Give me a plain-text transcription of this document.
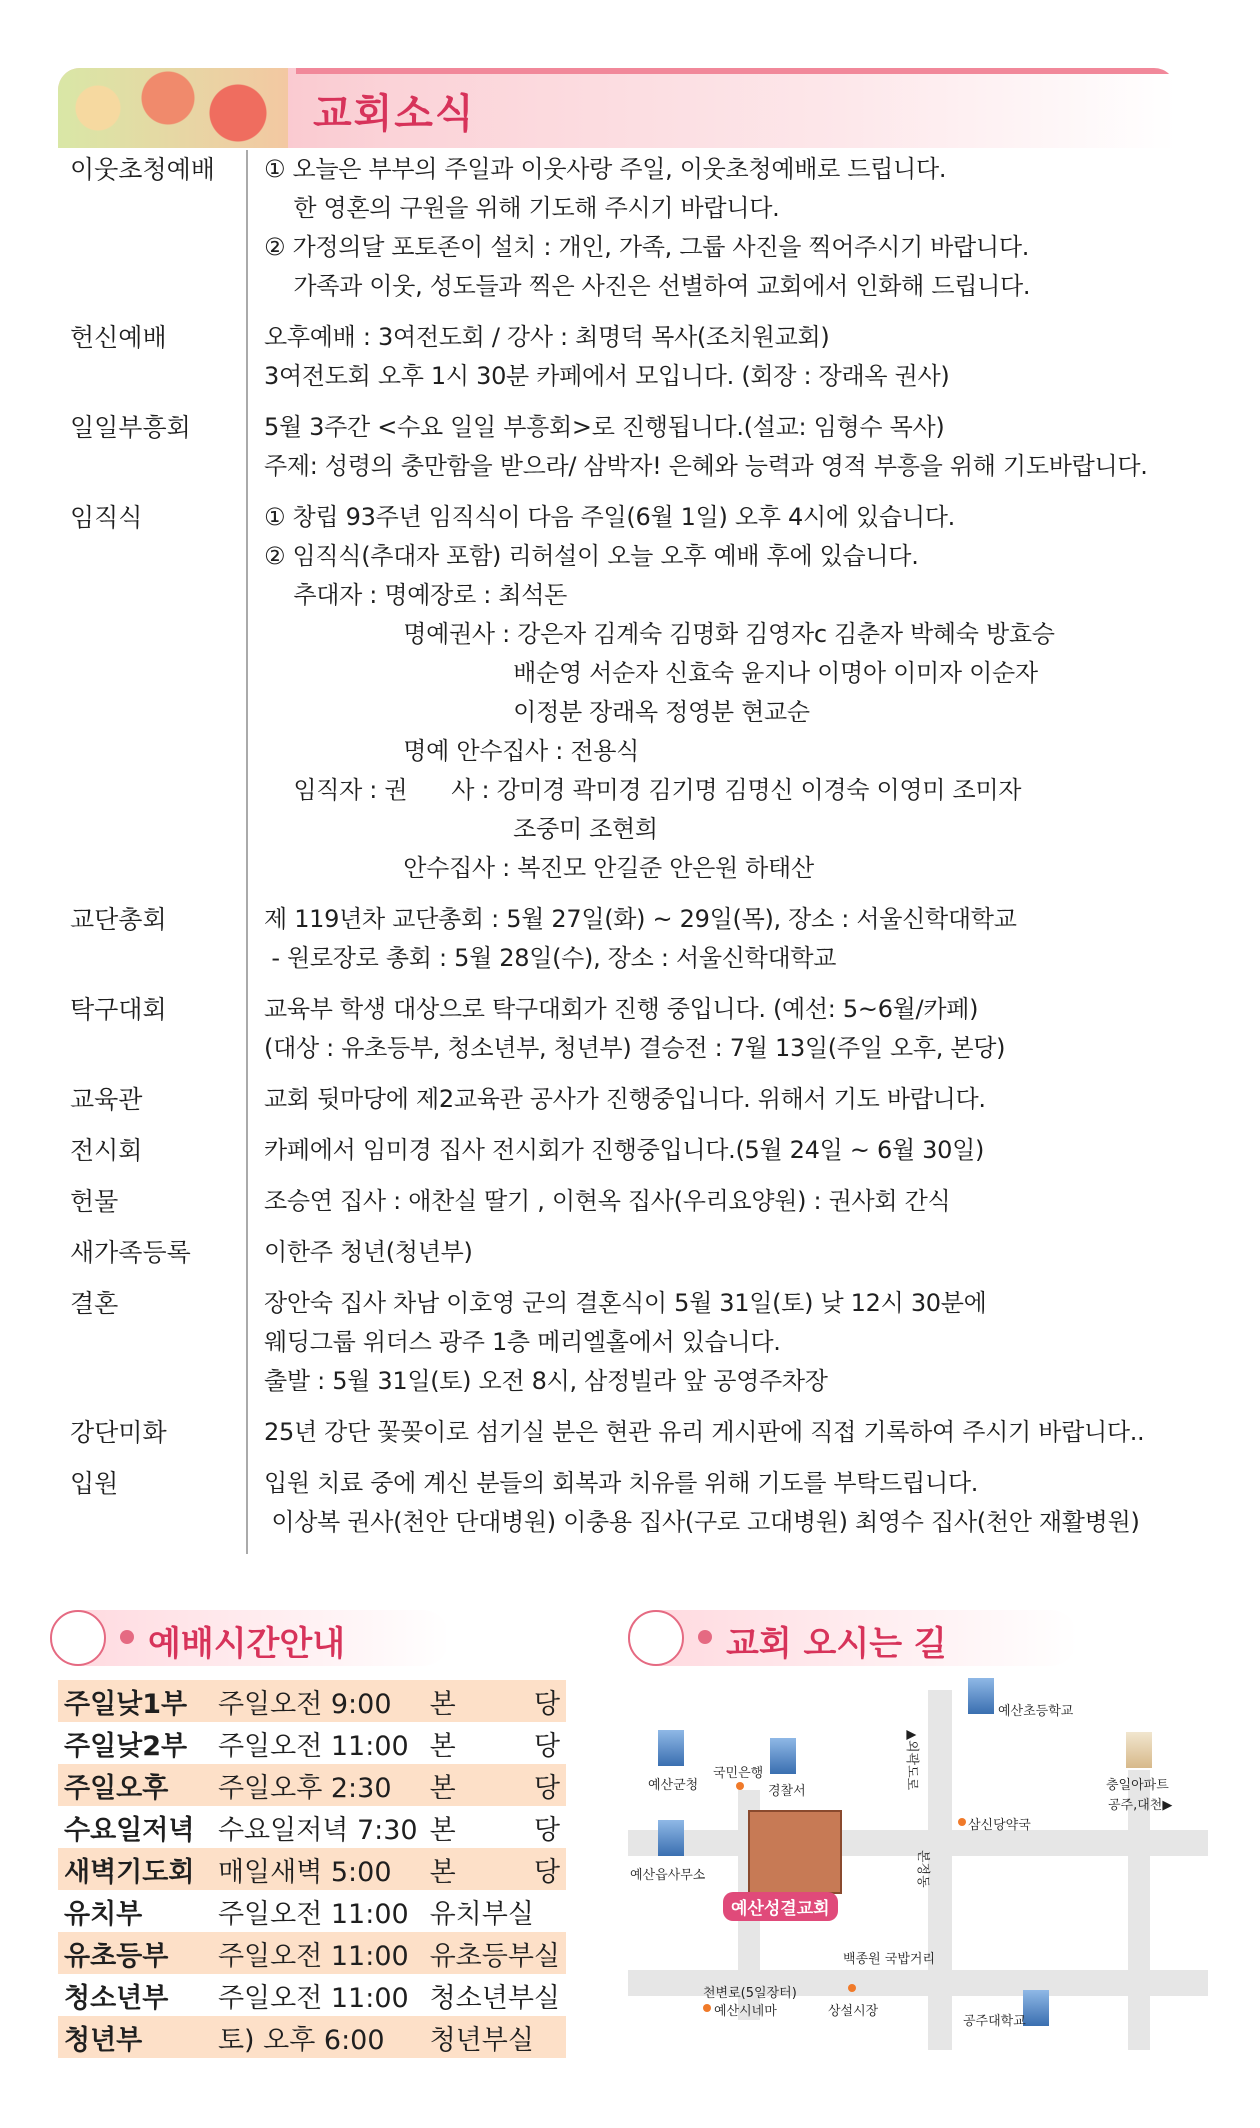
교회소식
이웃초청예배	① 오늘은 부부의 주일과 이웃사랑 주일, 이웃초청예배로 드립니다.
한 영혼의 구원을 위해 기도해 주시기 바랍니다.
② 가정의달 포토존이 설치 : 개인, 가족, 그룹 사진을 찍어주시기 바랍니다.
가족과 이웃, 성도들과 찍은 사진은 선별하여 교회에서 인화해 드립니다.
헌신예배	오후예배 : 3여전도회 / 강사 : 최명덕 목사(조치원교회)
3여전도회 오후 1시 30분 카페에서 모입니다. (회장 : 장래옥 권사)
일일부흥회	5월 3주간 <수요 일일 부흥회>로 진행됩니다.(설교: 임형수 목사)
주제: 성령의 충만함을 받으라/ 삼박자! 은혜와 능력과 영적 부흥을 위해 기도바랍니다.
임직식	① 창립 93주년 임직식이 다음 주일(6월 1일) 오후 4시에 있습니다.
② 임직식(추대자 포함) 리허설이 오늘 오후 예배 후에 있습니다.
추대자 : 명예장로 : 최석돈
명예권사 : 강은자 김계숙 김명화 김영자c 김춘자 박혜숙 방효승
배순영 서순자 신효숙 윤지나 이명아 이미자 이순자
이정분 장래옥 정영분 현교순
명예 안수집사 : 전용식
임직자 : 권      사 : 강미경 곽미경 김기명 김명신 이경숙 이영미 조미자
조중미 조현희
안수집사 : 복진모 안길준 안은원 하태산
교단총회	제 119년차 교단총회 : 5월 27일(화) ~ 29일(목), 장소 : 서울신학대학교
- 원로장로 총회 : 5월 28일(수), 장소 : 서울신학대학교
탁구대회	교육부 학생 대상으로 탁구대회가 진행 중입니다. (예선: 5~6월/카페)
(대상 : 유초등부, 청소년부, 청년부) 결승전 : 7월 13일(주일 오후, 본당)
교육관	교회 뒷마당에 제2교육관 공사가 진행중입니다. 위해서 기도 바랍니다.
전시회	카페에서 임미경 집사 전시회가 진행중입니다.(5월 24일 ~ 6월 30일)
헌물	조승연 집사 : 애찬실 딸기 , 이현옥 집사(우리요양원) : 권사회 간식
새가족등록	이한주 청년(청년부)
결혼	장안숙 집사 차남 이호영 군의 결혼식이 5월 31일(토) 낮 12시 30분에
웨딩그룹 위더스 광주 1층 메리엘홀에서 있습니다.
출발 : 5월 31일(토) 오전 8시, 삼정빌라 앞 공영주차장
강단미화	25년 강단 꽃꽂이로 섬기실 분은 현관 유리 게시판에 직접 기록하여 주시기 바랍니다..
입원	입원 치료 중에 계신 분들의 회복과 치유를 위해 기도를 부탁드립니다.
이상복 권사(천안 단대병원) 이충용 집사(구로 고대병원) 최영수 집사(천안 재활병원)
예배시간안내
주일낮1부	주일오전 9:00	본 당
주일낮2부	주일오전 11:00	본 당
주일오후	주일오후 2:30	본 당
수요일저녁	수요일저녁 7:30	본 당
새벽기도회	매일새벽 5:00	본 당
유치부	주일오전 11:00	유치부실
유초등부	주일오전 11:00	유초등부실
청소년부	주일오전 11:00	청소년부실
청년부	토) 오후 6:00	청년부실
교회 오시는 길
예산초등학교
▲외곽도로
예산군청
국민은행
경찰서	충일아파트
공주,대천▶
삼신당약국
예산읍사무소	본정동
예산성결교회
백종원 국밥거리
천변로(5일장터)
예산시네마	상설시장
공주대학교
